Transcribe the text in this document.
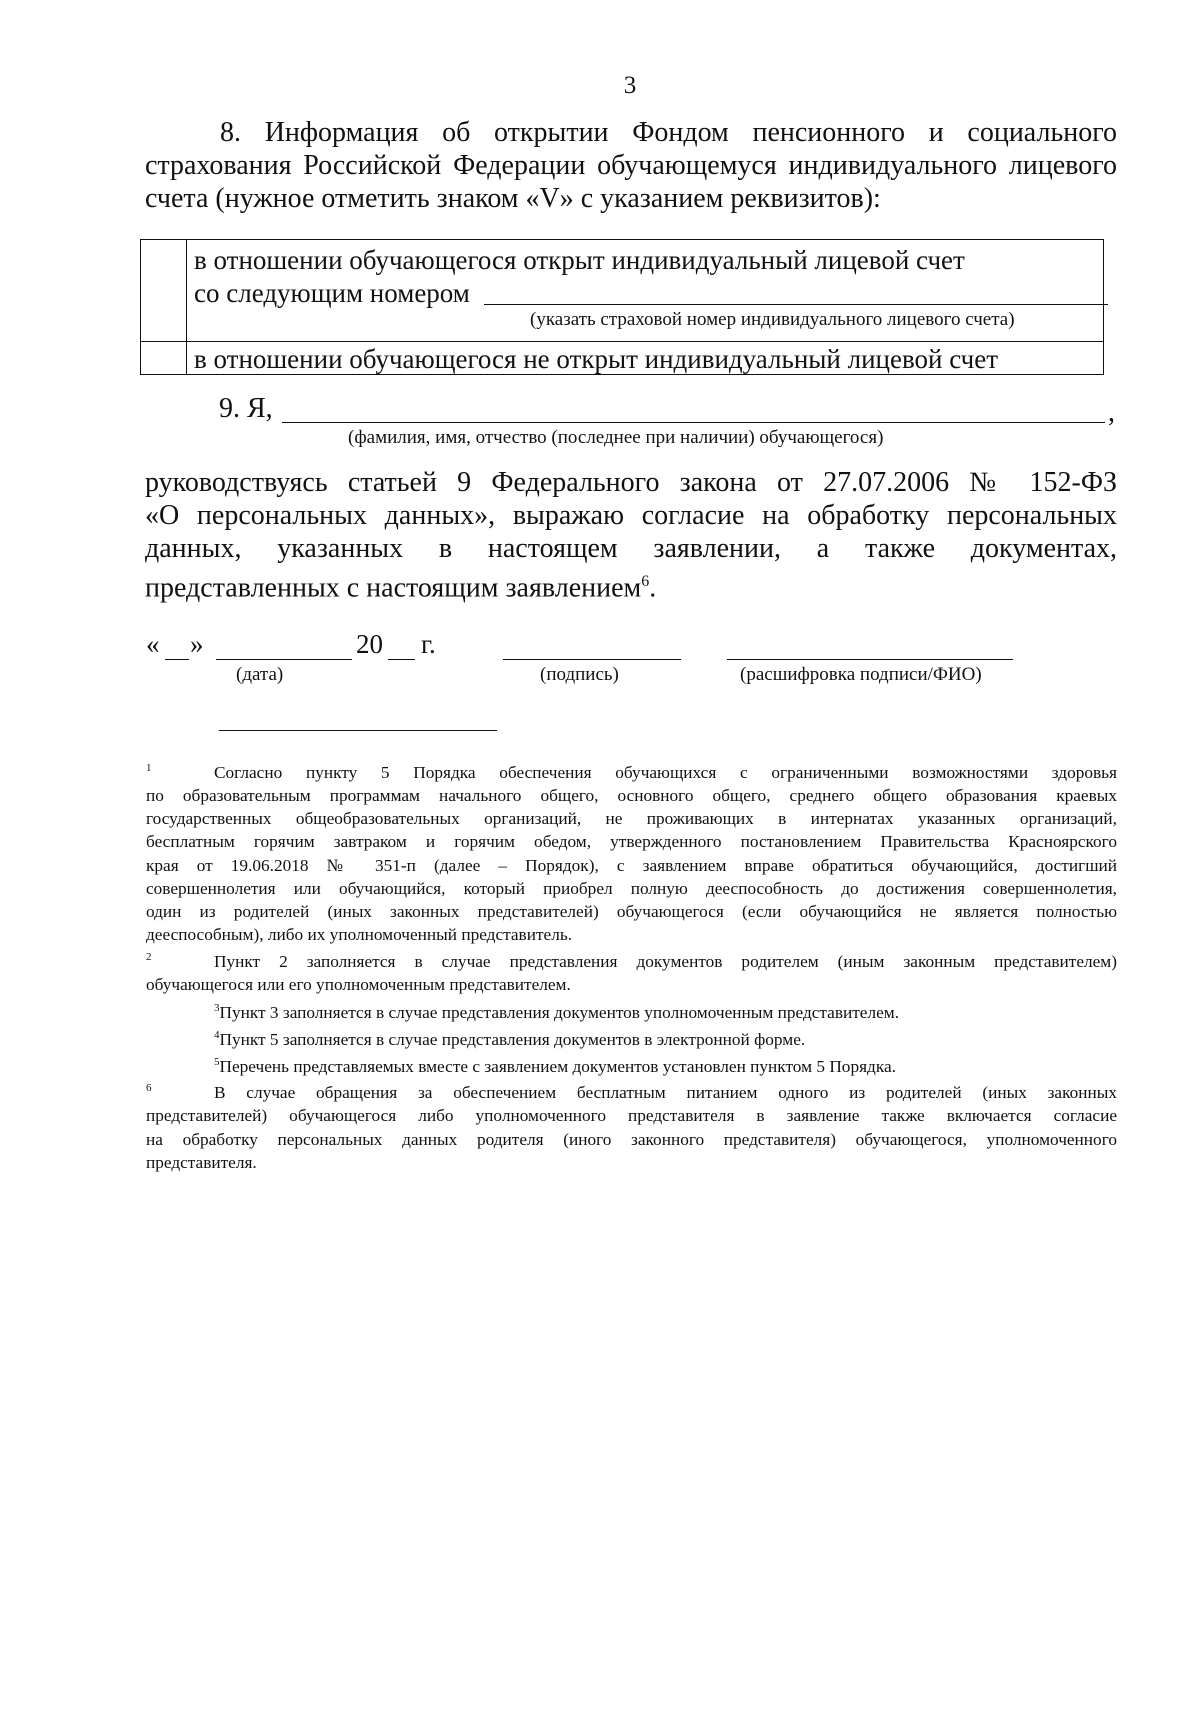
3
8. Информация об открытии Фондом пенсионного и социального
страхования Российской Федерации обучающемуся индивидуального лицевого счета (нужное отметить знаком «V» с указанием реквизитов):
в отношении обучающегося открыт индивидуальный лицевой счет
со следующим номером
(указать страховой номер индивидуального лицевого счета)
в отношении обучающегося не открыт индивидуальный лицевой счет
9. Я,	,
(фамилия, имя, отчество (последнее при наличии) обучающегося)
руководствуясь статьей 9 Федерального закона от 27.07.2006 № 152-ФЗ
«О персональных данных», выражаю согласие на обработку персональных
данных, указанных в настоящем заявлении, а также документах,
представленных с настоящим заявлением$^6$.
« »	20 г.
(дата)	(подпись)	(расшифровка подписи/ФИО)
$^1$	Согласно пункту 5 Порядка обеспечения обучающихся с ограниченными возможностями здоровья
по образовательным программам начального общего, основного общего, среднего общего образования краевых
государственных общеобразовательных организаций, не проживающих в интернатах указанных организаций,
бесплатным горячим завтраком и горячим обедом, утвержденного постановлением Правительства Красноярского
края от 19.06.2018 № 351-п (далее – Порядок), с заявлением вправе обратиться обучающийся, достигший
совершеннолетия или обучающийся, который приобрел полную дееспособность до достижения совершеннолетия,
один из родителей (иных законных представителей) обучающегося (если обучающийся не является полностью
дееспособным), либо их уполномоченный представитель.
$^2$	Пункт 2 заполняется в случае представления документов родителем (иным законным представителем)
обучающегося или его уполномоченным представителем.
$^3$Пункт 3 заполняется в случае представления документов уполномоченным представителем.
$^4$Пункт 5 заполняется в случае представления документов в электронной форме.
$^5$Перечень представляемых вместе с заявлением документов установлен пунктом 5 Порядка.
$^6$	В случае обращения за обеспечением бесплатным питанием одного из родителей (иных законных
представителей) обучающегося либо уполномоченного представителя в заявление также включается согласие
на обработку персональных данных родителя (иного законного представителя) обучающегося, уполномоченного
представителя.
